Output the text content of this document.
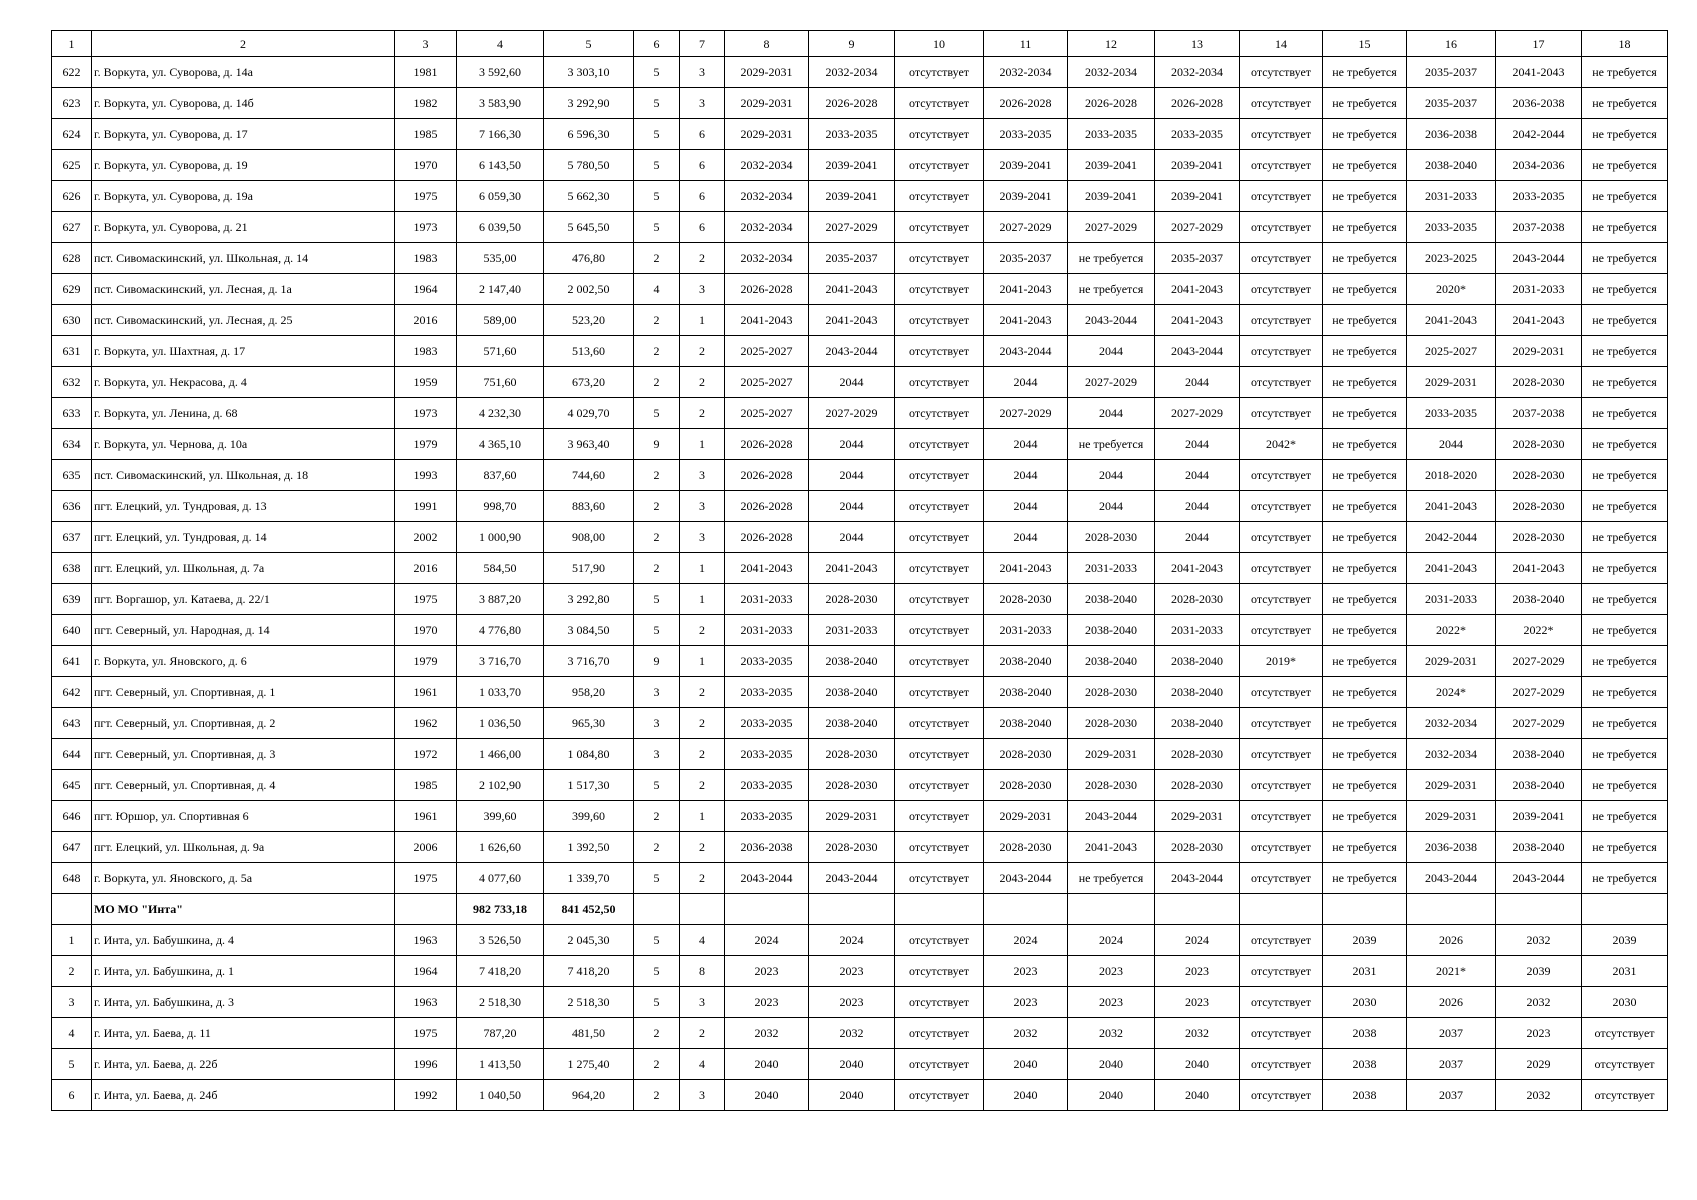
1	2	3	4	5	6	7	8	9	10	11	12	13	14	15	16	17	18
622	г. Воркута, ул. Суворова, д. 14а	1981	3 592,60	3 303,10	5	3	2029-2031	2032-2034	отсутствует	2032-2034	2032-2034	2032-2034	отсутствует	не требуется	2035-2037	2041-2043	не требуется
623	г. Воркута, ул. Суворова, д. 14б	1982	3 583,90	3 292,90	5	3	2029-2031	2026-2028	отсутствует	2026-2028	2026-2028	2026-2028	отсутствует	не требуется	2035-2037	2036-2038	не требуется
624	г. Воркута, ул. Суворова, д. 17	1985	7 166,30	6 596,30	5	6	2029-2031	2033-2035	отсутствует	2033-2035	2033-2035	2033-2035	отсутствует	не требуется	2036-2038	2042-2044	не требуется
625	г. Воркута, ул. Суворова, д. 19	1970	6 143,50	5 780,50	5	6	2032-2034	2039-2041	отсутствует	2039-2041	2039-2041	2039-2041	отсутствует	не требуется	2038-2040	2034-2036	не требуется
626	г. Воркута, ул. Суворова, д. 19а	1975	6 059,30	5 662,30	5	6	2032-2034	2039-2041	отсутствует	2039-2041	2039-2041	2039-2041	отсутствует	не требуется	2031-2033	2033-2035	не требуется
627	г. Воркута, ул. Суворова, д. 21	1973	6 039,50	5 645,50	5	6	2032-2034	2027-2029	отсутствует	2027-2029	2027-2029	2027-2029	отсутствует	не требуется	2033-2035	2037-2038	не требуется
628	пст. Сивомаскинский, ул. Школьная, д. 14	1983	535,00	476,80	2	2	2032-2034	2035-2037	отсутствует	2035-2037	не требуется	2035-2037	отсутствует	не требуется	2023-2025	2043-2044	не требуется
629	пст. Сивомаскинский, ул. Лесная, д. 1а	1964	2 147,40	2 002,50	4	3	2026-2028	2041-2043	отсутствует	2041-2043	не требуется	2041-2043	отсутствует	не требуется	2020*	2031-2033	не требуется
630	пст. Сивомаскинский, ул. Лесная, д. 25	2016	589,00	523,20	2	1	2041-2043	2041-2043	отсутствует	2041-2043	2043-2044	2041-2043	отсутствует	не требуется	2041-2043	2041-2043	не требуется
631	г. Воркута, ул. Шахтная, д. 17	1983	571,60	513,60	2	2	2025-2027	2043-2044	отсутствует	2043-2044	2044	2043-2044	отсутствует	не требуется	2025-2027	2029-2031	не требуется
632	г. Воркута, ул. Некрасова, д. 4	1959	751,60	673,20	2	2	2025-2027	2044	отсутствует	2044	2027-2029	2044	отсутствует	не требуется	2029-2031	2028-2030	не требуется
633	г. Воркута, ул. Ленина, д. 68	1973	4 232,30	4 029,70	5	2	2025-2027	2027-2029	отсутствует	2027-2029	2044	2027-2029	отсутствует	не требуется	2033-2035	2037-2038	не требуется
634	г. Воркута, ул. Чернова, д. 10а	1979	4 365,10	3 963,40	9	1	2026-2028	2044	отсутствует	2044	не требуется	2044	2042*	не требуется	2044	2028-2030	не требуется
635	пст. Сивомаскинский, ул. Школьная, д. 18	1993	837,60	744,60	2	3	2026-2028	2044	отсутствует	2044	2044	2044	отсутствует	не требуется	2018-2020	2028-2030	не требуется
636	пгт. Елецкий, ул. Тундровая, д. 13	1991	998,70	883,60	2	3	2026-2028	2044	отсутствует	2044	2044	2044	отсутствует	не требуется	2041-2043	2028-2030	не требуется
637	пгт. Елецкий, ул. Тундровая, д. 14	2002	1 000,90	908,00	2	3	2026-2028	2044	отсутствует	2044	2028-2030	2044	отсутствует	не требуется	2042-2044	2028-2030	не требуется
638	пгт. Елецкий, ул. Школьная, д. 7а	2016	584,50	517,90	2	1	2041-2043	2041-2043	отсутствует	2041-2043	2031-2033	2041-2043	отсутствует	не требуется	2041-2043	2041-2043	не требуется
639	пгт. Воргашор, ул. Катаева, д. 22/1	1975	3 887,20	3 292,80	5	1	2031-2033	2028-2030	отсутствует	2028-2030	2038-2040	2028-2030	отсутствует	не требуется	2031-2033	2038-2040	не требуется
640	пгт. Северный, ул. Народная, д. 14	1970	4 776,80	3 084,50	5	2	2031-2033	2031-2033	отсутствует	2031-2033	2038-2040	2031-2033	отсутствует	не требуется	2022*	2022*	не требуется
641	г. Воркута, ул. Яновского, д. 6	1979	3 716,70	3 716,70	9	1	2033-2035	2038-2040	отсутствует	2038-2040	2038-2040	2038-2040	2019*	не требуется	2029-2031	2027-2029	не требуется
642	пгт. Северный, ул. Спортивная, д. 1	1961	1 033,70	958,20	3	2	2033-2035	2038-2040	отсутствует	2038-2040	2028-2030	2038-2040	отсутствует	не требуется	2024*	2027-2029	не требуется
643	пгт. Северный, ул. Спортивная, д. 2	1962	1 036,50	965,30	3	2	2033-2035	2038-2040	отсутствует	2038-2040	2028-2030	2038-2040	отсутствует	не требуется	2032-2034	2027-2029	не требуется
644	пгт. Северный, ул. Спортивная, д. 3	1972	1 466,00	1 084,80	3	2	2033-2035	2028-2030	отсутствует	2028-2030	2029-2031	2028-2030	отсутствует	не требуется	2032-2034	2038-2040	не требуется
645	пгт. Северный, ул. Спортивная, д. 4	1985	2 102,90	1 517,30	5	2	2033-2035	2028-2030	отсутствует	2028-2030	2028-2030	2028-2030	отсутствует	не требуется	2029-2031	2038-2040	не требуется
646	пгт. Юршор, ул. Спортивная 6	1961	399,60	399,60	2	1	2033-2035	2029-2031	отсутствует	2029-2031	2043-2044	2029-2031	отсутствует	не требуется	2029-2031	2039-2041	не требуется
647	пгт. Елецкий, ул. Школьная, д. 9а	2006	1 626,60	1 392,50	2	2	2036-2038	2028-2030	отсутствует	2028-2030	2041-2043	2028-2030	отсутствует	не требуется	2036-2038	2038-2040	не требуется
648	г. Воркута, ул. Яновского, д. 5а	1975	4 077,60	1 339,70	5	2	2043-2044	2043-2044	отсутствует	2043-2044	не требуется	2043-2044	отсутствует	не требуется	2043-2044	2043-2044	не требуется
	МО МО "Инта"		982 733,18	841 452,50													
1	г. Инта, ул. Бабушкина, д. 4	1963	3 526,50	2 045,30	5	4	2024	2024	отсутствует	2024	2024	2024	отсутствует	2039	2026	2032	2039
2	г. Инта, ул. Бабушкина, д. 1	1964	7 418,20	7 418,20	5	8	2023	2023	отсутствует	2023	2023	2023	отсутствует	2031	2021*	2039	2031
3	г. Инта, ул. Бабушкина, д. 3	1963	2 518,30	2 518,30	5	3	2023	2023	отсутствует	2023	2023	2023	отсутствует	2030	2026	2032	2030
4	г. Инта, ул. Баева, д. 11	1975	787,20	481,50	2	2	2032	2032	отсутствует	2032	2032	2032	отсутствует	2038	2037	2023	отсутствует
5	г. Инта, ул. Баева, д. 22б	1996	1 413,50	1 275,40	2	4	2040	2040	отсутствует	2040	2040	2040	отсутствует	2038	2037	2029	отсутствует
6	г. Инта, ул. Баева, д. 24б	1992	1 040,50	964,20	2	3	2040	2040	отсутствует	2040	2040	2040	отсутствует	2038	2037	2032	отсутствует
